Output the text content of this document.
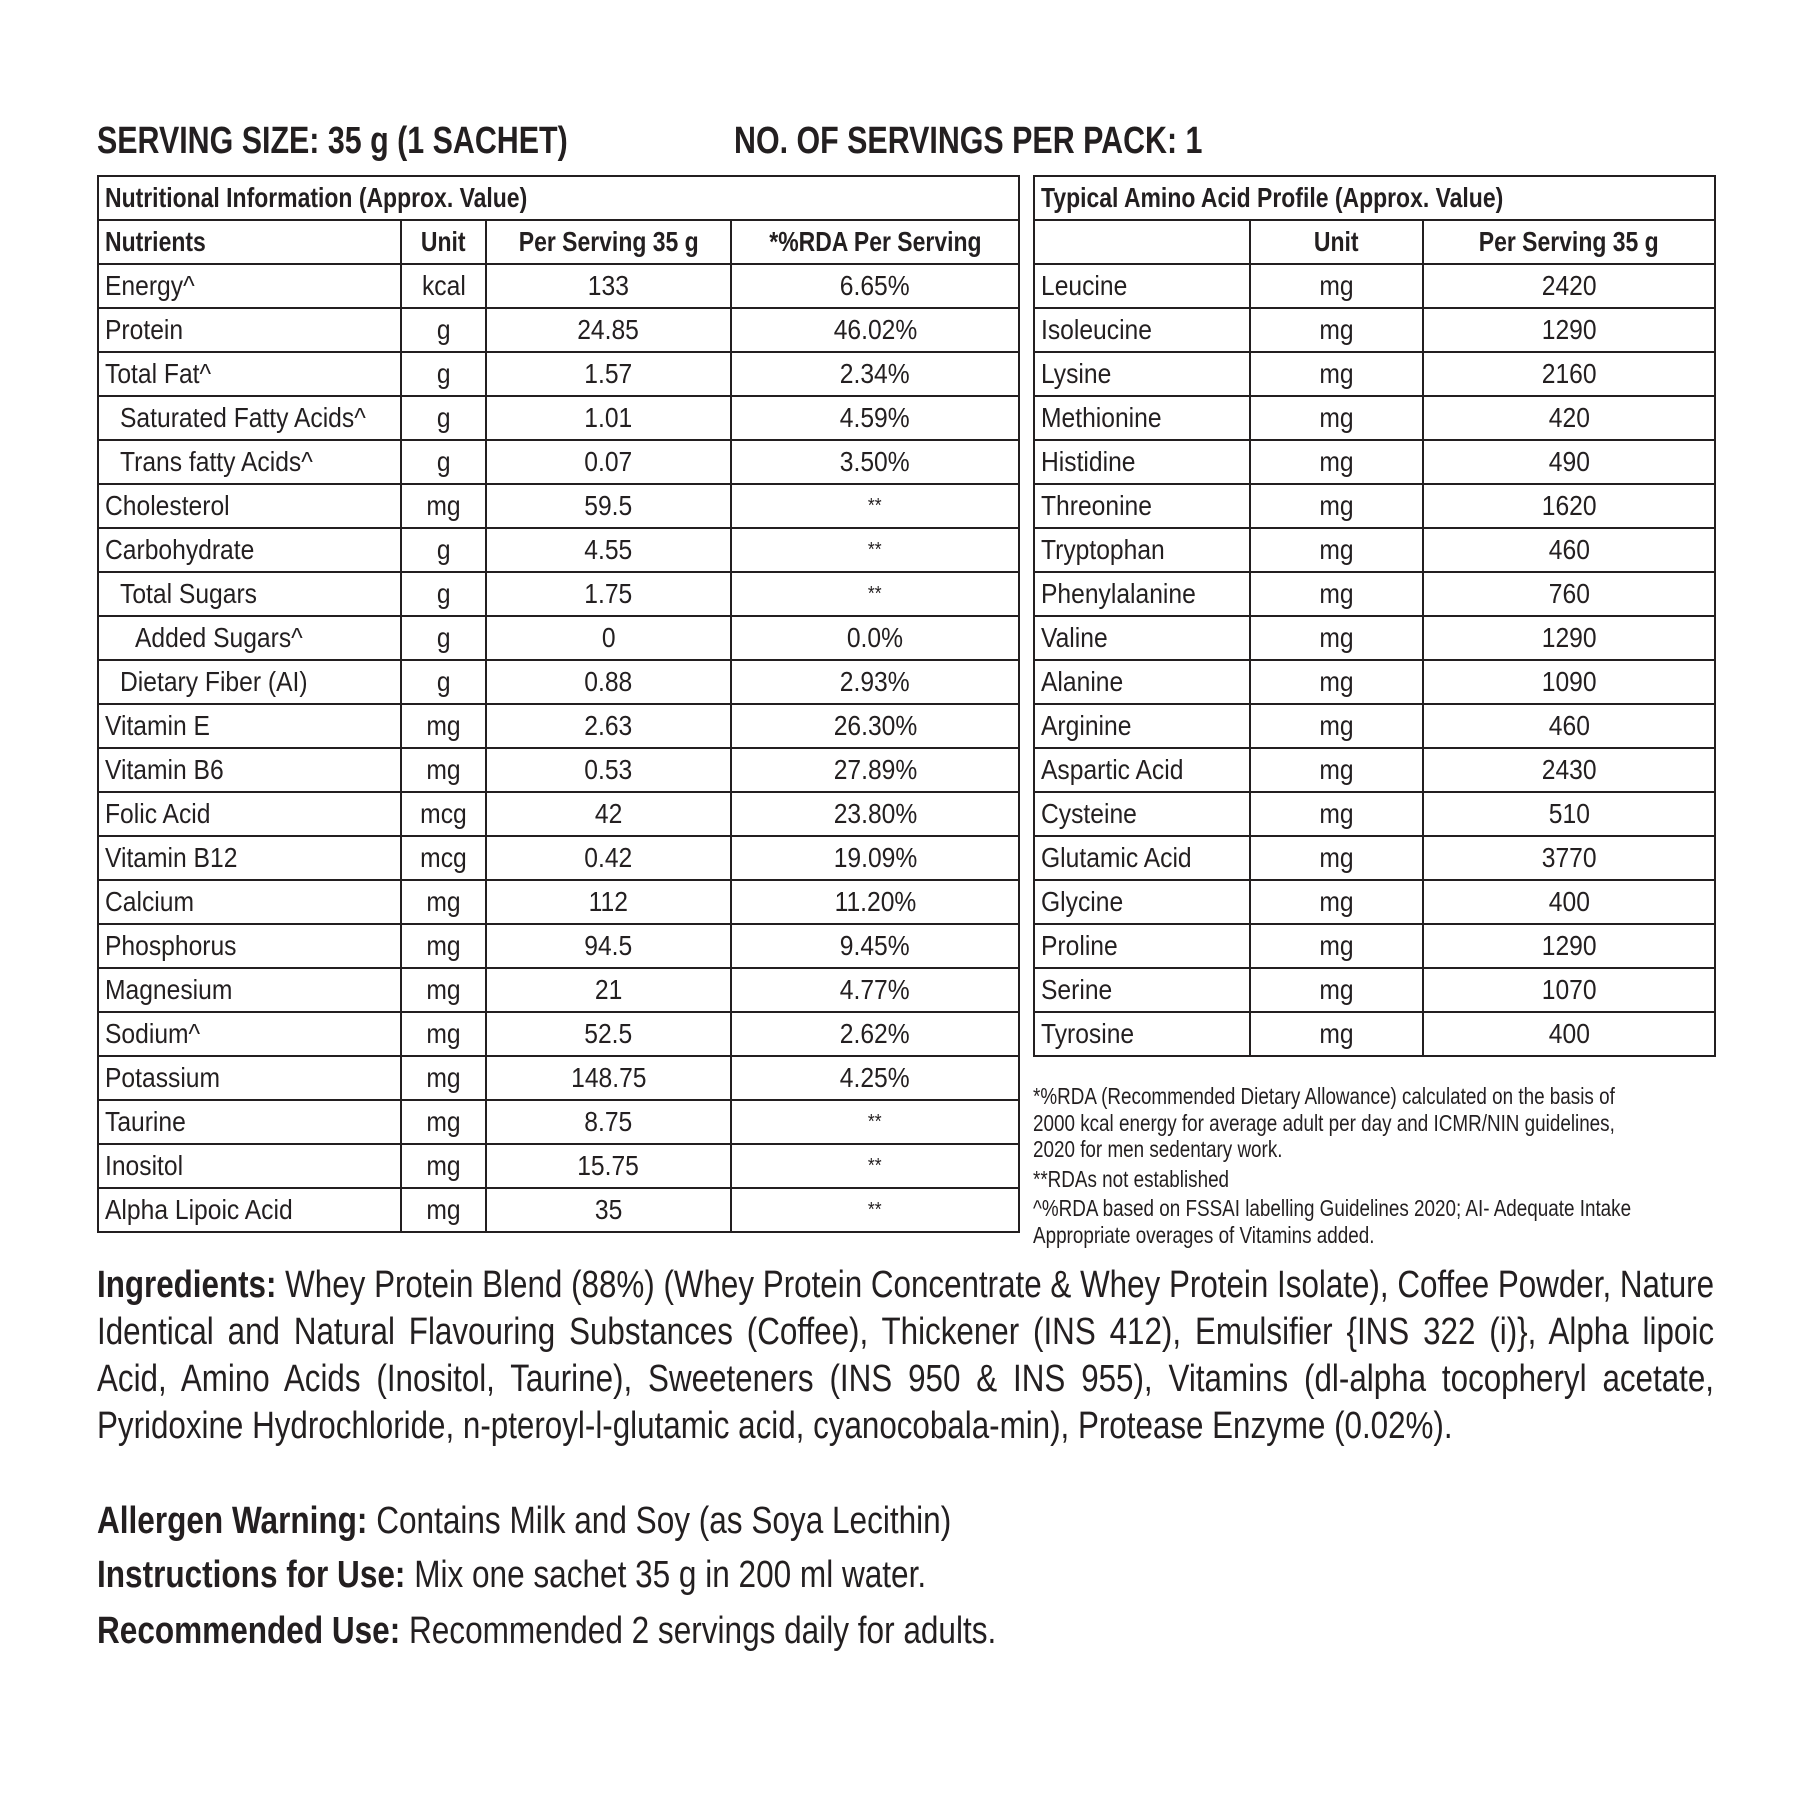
SERVING SIZE: 35 g (1 SACHET)	NO. OF SERVINGS PER PACK: 1
Nutritional Information (Approx. Value)			
Nutrients	Unit	Per Serving 35 g	*%RDA Per Serving
Energy^	kcal	133	6.65%
Protein	g	24.85	46.02%
Total Fat^	g	1.57	2.34%
Saturated Fatty Acids^	g	1.01	4.59%
Trans fatty Acids^	g	0.07	3.50%
Cholesterol	mg	59.5	**
Carbohydrate	g	4.55	**
Total Sugars	g	1.75	**
Added Sugars^	g	0	0.0%
Dietary Fiber (AI)	g	0.88	2.93%
Vitamin E	mg	2.63	26.30%
Vitamin B6	mg	0.53	27.89%
Folic Acid	mcg	42	23.80%
Vitamin B12	mcg	0.42	19.09%
Calcium	mg	112	11.20%
Phosphorus	mg	94.5	9.45%
Magnesium	mg	21	4.77%
Sodium^	mg	52.5	2.62%
Potassium	mg	148.75	4.25%
Taurine	mg	8.75	**
Inositol	mg	15.75	**
Alpha Lipoic Acid	mg	35	**
Typical Amino Acid Profile (Approx. Value)		
	Unit	Per Serving 35 g
Leucine	mg	2420
Isoleucine	mg	1290
Lysine	mg	2160
Methionine	mg	420
Histidine	mg	490
Threonine	mg	1620
Tryptophan	mg	460
Phenylalanine	mg	760
Valine	mg	1290
Alanine	mg	1090
Arginine	mg	460
Aspartic Acid	mg	2430
Cysteine	mg	510
Glutamic Acid	mg	3770
Glycine	mg	400
Proline	mg	1290
Serine	mg	1070
Tyrosine	mg	400

*%RDA (Recommended Dietary Allowance) calculated on the basis of

2000 kcal energy for average adult per day and ICMR/NIN guidelines,

2020 for men sedentary work.

**RDAs not established

^%RDA based on FSSAI labelling Guidelines 2020; AI- Adequate Intake

Appropriate overages of Vitamins added.

Ingredients: Whey Protein Blend (88%) (Whey Protein Concentrate & Whey Protein Isolate), Coffee Powder, Nature Identical and Natural Flavouring Substances (Coffee), Thickener (INS 412), Emulsifier {INS 322 (i)}, Alpha lipoic Acid, Amino Acids (Inositol, Taurine), Sweeteners (INS 950 & INS 955), Vitamins (dl-alpha tocopheryl acetate, Pyridoxine Hydrochloride, n-pteroyl-l-glutamic acid, cyanocobala-min), Protease Enzyme (0.02%).
Allergen Warning: Contains Milk and Soy (as Soya Lecithin)
Instructions for Use: Mix one sachet 35 g in 200 ml water.
Recommended Use: Recommended 2 servings daily for adults.
